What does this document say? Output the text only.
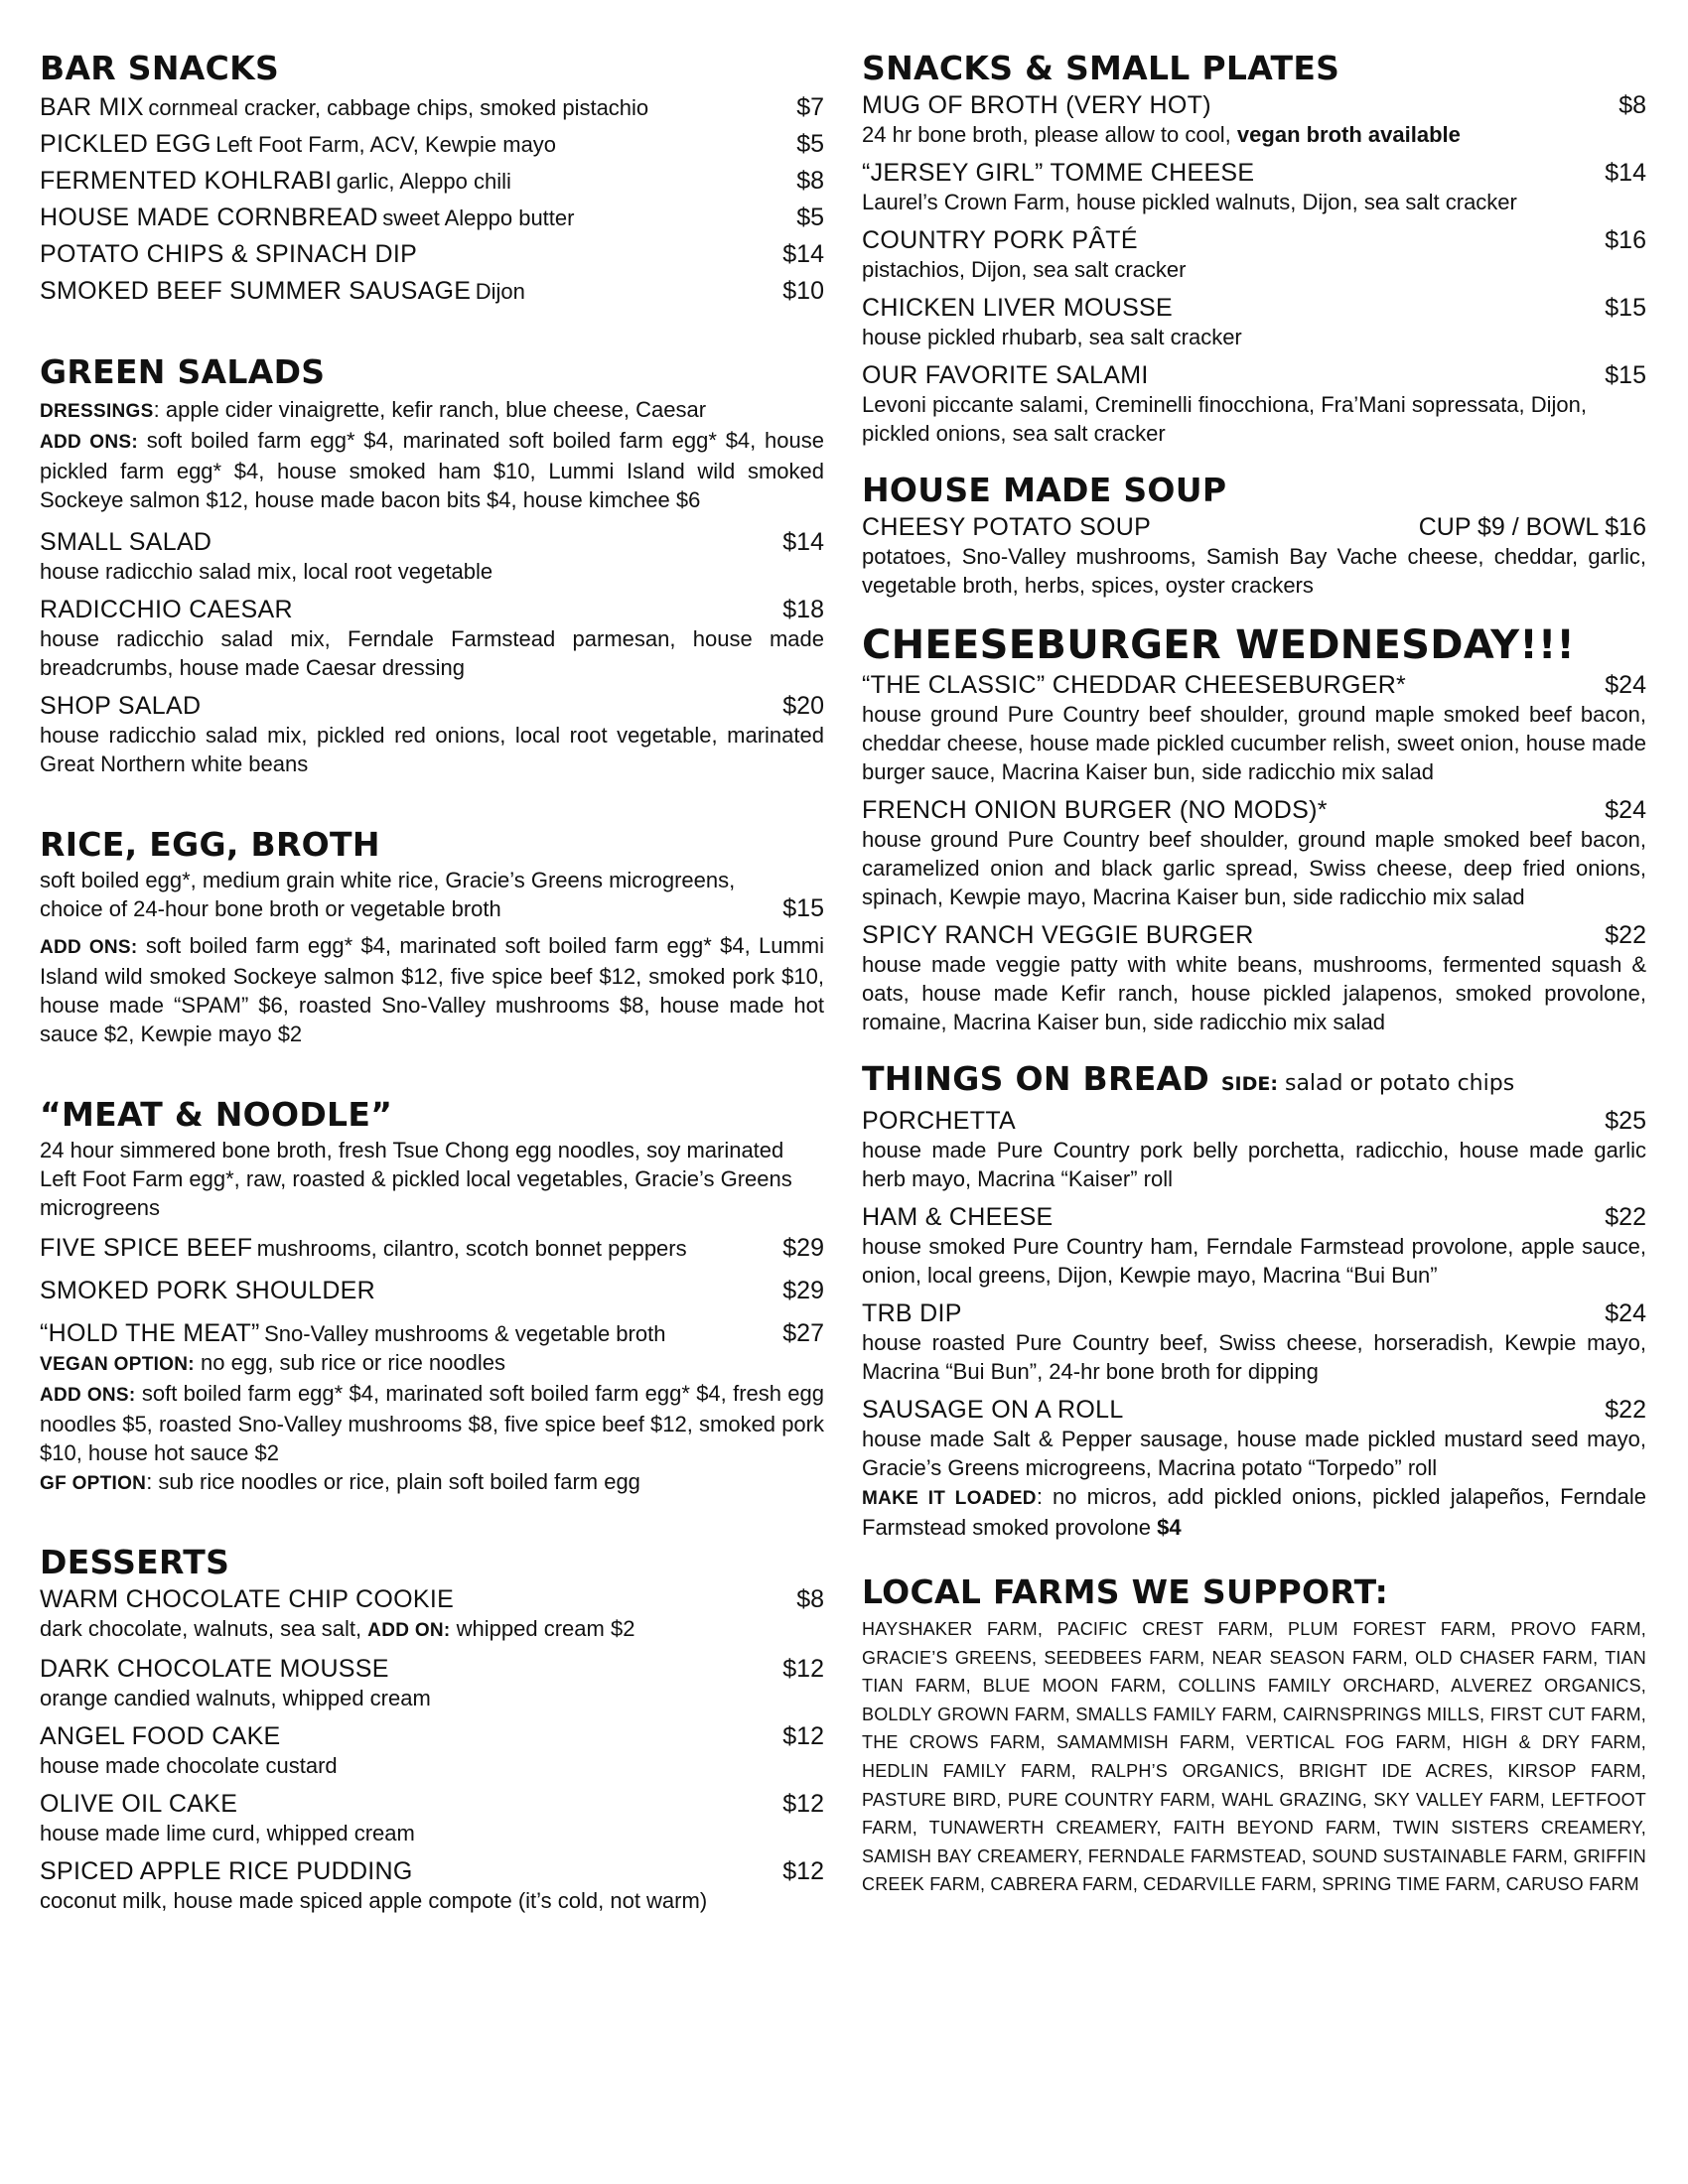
BAR SNACKS
BAR MIX cornmeal cracker, cabbage chips, smoked pistachio	$7
PICKLED EGG Left Foot Farm, ACV, Kewpie mayo	$5
FERMENTED KOHLRABI garlic, Aleppo chili	$8
HOUSE MADE CORNBREAD sweet Aleppo butter	$5
POTATO CHIPS & SPINACH DIP	$14
SMOKED BEEF SUMMER SAUSAGE Dijon	$10
GREEN SALADS
DRESSINGS: apple cider vinaigrette, kefir ranch, blue cheese, Caesar
ADD ONS: soft boiled farm egg* $4, marinated soft boiled farm egg* $4, house pickled farm egg* $4, house smoked ham $10, Lummi Island wild smoked Sockeye salmon $12, house made bacon bits $4, house kimchee $6
SMALL SALAD	$14
house radicchio salad mix, local root vegetable
RADICCHIO CAESAR	$18
house radicchio salad mix, Ferndale Farmstead parmesan, house made breadcrumbs, house made Caesar dressing
SHOP SALAD	$20
house radicchio salad mix, pickled red onions, local root vegetable, marinated Great Northern white beans
RICE, EGG, BROTH
soft boiled egg*, medium grain white rice, Gracie’s Greens microgreens,
choice of 24-hour bone broth or vegetable broth	$15
ADD ONS: soft boiled farm egg* $4, marinated soft boiled farm egg* $4, Lummi Island wild smoked Sockeye salmon $12, five spice beef $12, smoked pork $10, house made “SPAM” $6, roasted Sno-Valley mushrooms $8, house made hot sauce $2, Kewpie mayo $2
“MEAT & NOODLE”
24 hour simmered bone broth, fresh Tsue Chong egg noodles, soy marinated Left Foot Farm egg*, raw, roasted & pickled local vegetables, Gracie’s Greens microgreens
FIVE SPICE BEEF mushrooms, cilantro, scotch bonnet peppers	$29
SMOKED PORK SHOULDER	$29
“HOLD THE MEAT” Sno-Valley mushrooms & vegetable broth	$27
VEGAN OPTION: no egg, sub rice or rice noodles
ADD ONS: soft boiled farm egg* $4, marinated soft boiled farm egg* $4, fresh egg noodles $5, roasted Sno-Valley mushrooms $8, five spice beef $12, smoked pork $10, house hot sauce $2
GF OPTION: sub rice noodles or rice, plain soft boiled farm egg
DESSERTS
WARM CHOCOLATE CHIP COOKIE	$8
dark chocolate, walnuts, sea salt, ADD ON: whipped cream $2
DARK CHOCOLATE MOUSSE	$12
orange candied walnuts, whipped cream
ANGEL FOOD CAKE	$12
house made chocolate custard
OLIVE OIL CAKE	$12
house made lime curd, whipped cream
SPICED APPLE RICE PUDDING	$12
coconut milk, house made spiced apple compote (it’s cold, not warm)
SNACKS & SMALL PLATES
MUG OF BROTH (VERY HOT)	$8
24 hr bone broth, please allow to cool, vegan broth available
“JERSEY GIRL” TOMME CHEESE	$14
Laurel’s Crown Farm, house pickled walnuts, Dijon, sea salt cracker
COUNTRY PORK PÂTÉ	$16
pistachios, Dijon, sea salt cracker
CHICKEN LIVER MOUSSE	$15
house pickled rhubarb, sea salt cracker
OUR FAVORITE SALAMI	$15
Levoni piccante salami, Creminelli finocchiona, Fra’Mani sopressata, Dijon, pickled onions, sea salt cracker
HOUSE MADE SOUP
CHEESY POTATO SOUP	CUP $9 / BOWL $16
potatoes, Sno-Valley mushrooms, Samish Bay Vache cheese, cheddar, garlic, vegetable broth, herbs, spices, oyster crackers
CHEESEBURGER WEDNESDAY!!!
“THE CLASSIC” CHEDDAR CHEESEBURGER*	$24
house ground Pure Country beef shoulder, ground maple smoked beef bacon, cheddar cheese, house made pickled cucumber relish, sweet onion, house made burger sauce, Macrina Kaiser bun, side radicchio mix salad
FRENCH ONION BURGER (NO MODS)*	$24
house ground Pure Country beef shoulder, ground maple smoked beef bacon, caramelized onion and black garlic spread, Swiss cheese, deep fried onions, spinach, Kewpie mayo, Macrina Kaiser bun, side radicchio mix salad
SPICY RANCH VEGGIE BURGER	$22
house made veggie patty with white beans, mushrooms, fermented squash & oats, house made Kefir ranch, house pickled jalapenos, smoked provolone, romaine, Macrina Kaiser bun, side radicchio mix salad
THINGS ON BREAD SIDE: salad or potato chips
PORCHETTA	$25
house made Pure Country pork belly porchetta, radicchio, house made garlic herb mayo, Macrina “Kaiser” roll
HAM & CHEESE	$22
house smoked Pure Country ham, Ferndale Farmstead provolone, apple sauce, onion, local greens, Dijon, Kewpie mayo, Macrina “Bui Bun”
TRB DIP	$24
house roasted Pure Country beef, Swiss cheese, horseradish, Kewpie mayo, Macrina “Bui Bun”, 24-hr bone broth for dipping
SAUSAGE ON A ROLL	$22
house made Salt & Pepper sausage, house made pickled mustard seed mayo, Gracie’s Greens microgreens, Macrina potato “Torpedo” roll
MAKE IT LOADED: no micros, add pickled onions, pickled jalapeños, Ferndale Farmstead smoked provolone $4
LOCAL FARMS WE SUPPORT:
HAYSHAKER FARM, PACIFIC CREST FARM, PLUM FOREST FARM, PROVO FARM, GRACIE’S GREENS, SEEDBEES FARM, NEAR SEASON FARM, OLD CHASER FARM, TIAN TIAN FARM, BLUE MOON FARM, COLLINS FAMILY ORCHARD, ALVEREZ ORGANICS, BOLDLY GROWN FARM, SMALLS FAMILY FARM, CAIRNSPRINGS MILLS, FIRST CUT FARM, THE CROWS FARM, SAMAMMISH FARM, VERTICAL FOG FARM, HIGH & DRY FARM, HEDLIN FAMILY FARM, RALPH’S ORGANICS, BRIGHT IDE ACRES, KIRSOP FARM, PASTURE BIRD, PURE COUNTRY FARM, WAHL GRAZING, SKY VALLEY FARM, LEFTFOOT FARM, TUNAWERTH CREAMERY, FAITH BEYOND FARM, TWIN SISTERS CREAMERY, SAMISH BAY CREAMERY, FERNDALE FARMSTEAD, SOUND SUSTAINABLE FARM, GRIFFIN CREEK FARM, CABRERA FARM, CEDARVILLE FARM, SPRING TIME FARM, CARUSO FARM
